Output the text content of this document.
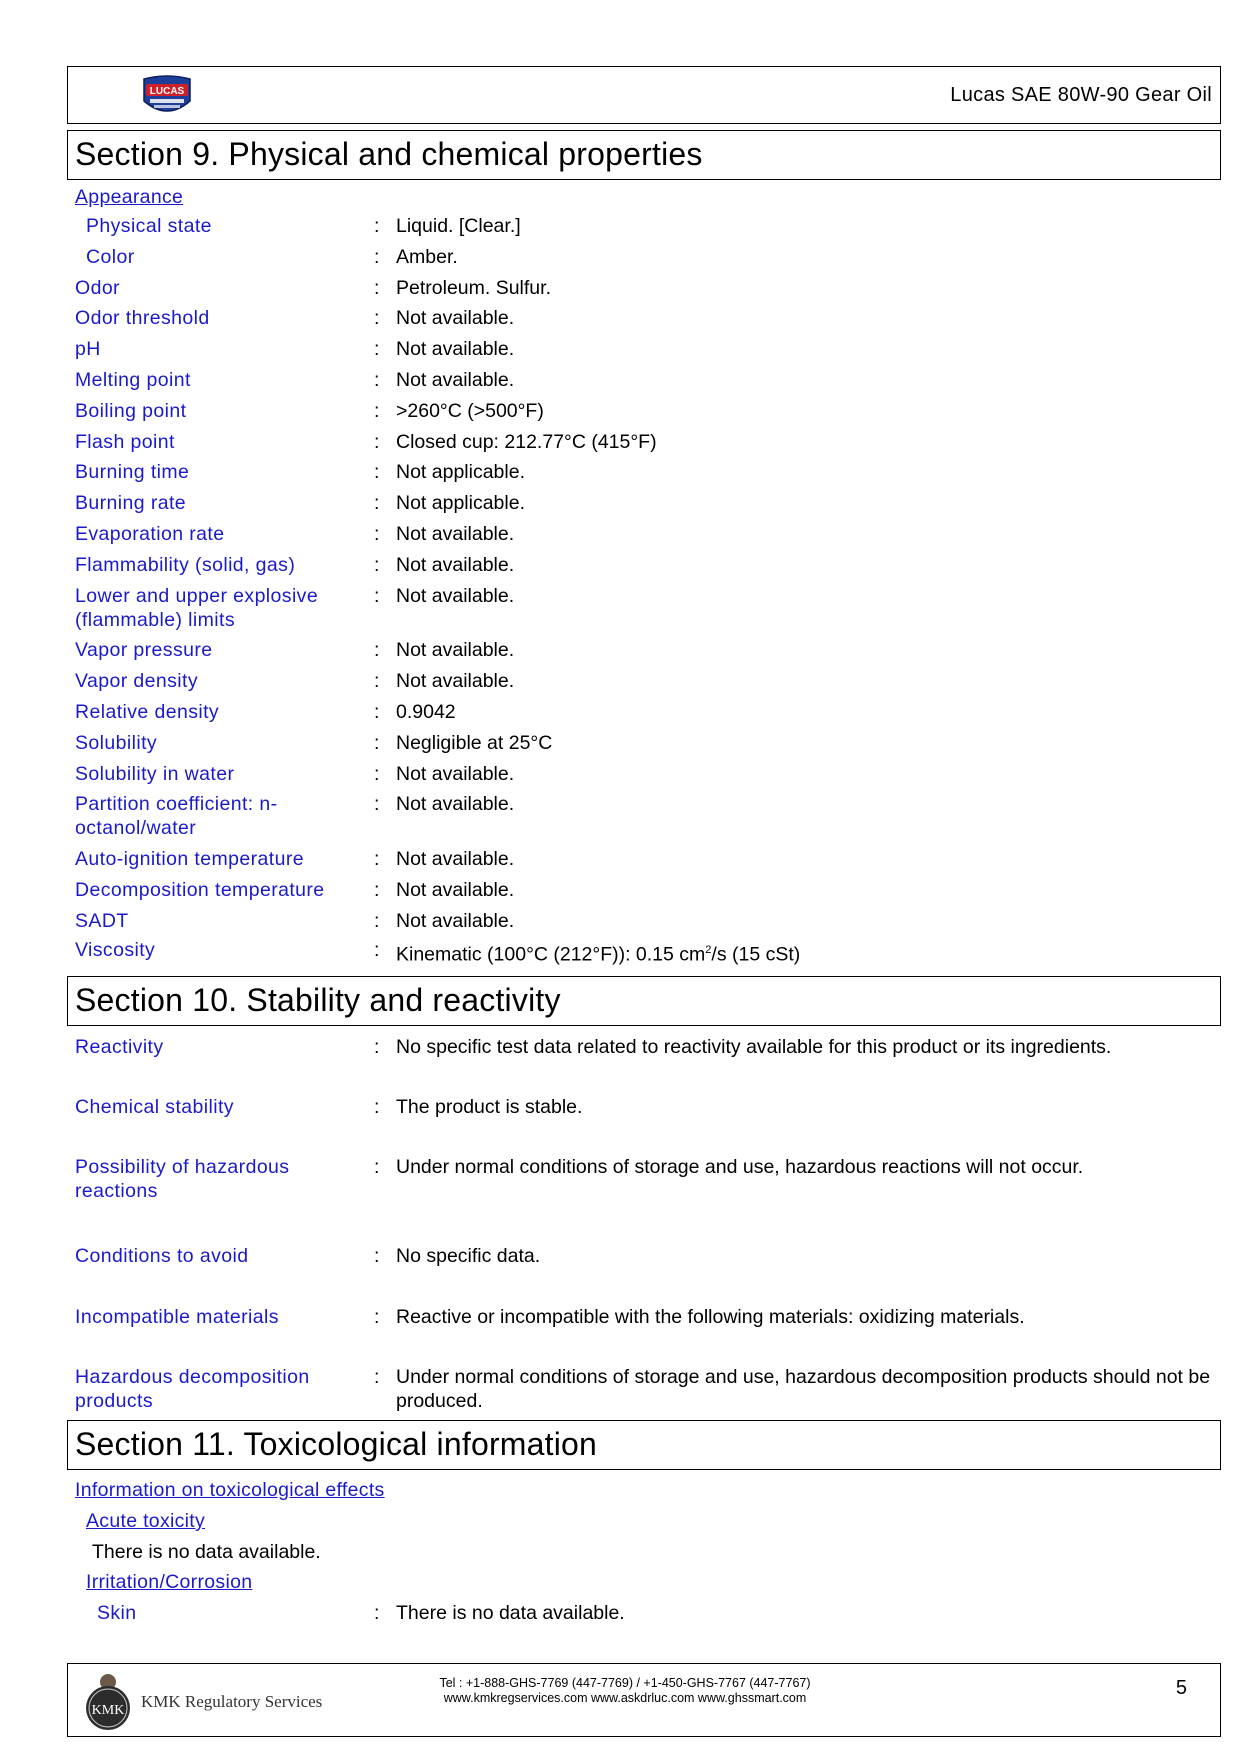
LUCAS	Lucas SAE 80W-90 Gear Oil
Section 9. Physical and chemical properties
Appearance
Physical state	: Liquid. [Clear.]
Color	: Amber.
Odor	: Petroleum. Sulfur.
Odor threshold	: Not available.
pH	: Not available.
Melting point	: Not available.
Boiling point	: >260°C (>500°F)
Flash point	: Closed cup: 212.77°C (415°F)
Burning time	: Not applicable.
Burning rate	: Not applicable.
Evaporation rate	: Not available.
Flammability (solid, gas)	: Not available.
Lower and upper explosive (flammable) limits
: Not available.
Vapor pressure	: Not available.
Vapor density	: Not available.
Relative density	: 0.9042
Solubility	: Negligible at 25°C
Solubility in water	: Not available.
Partition coefficient: n-octanol/water
: Not available.
Auto-ignition temperature	: Not available.
Decomposition temperature	: Not available.
SADT	: Not available.
Viscosity	: Kinematic (100°C (212°F)): 0.15 $cm^2/s$ (15 cSt)
Section 10. Stability and reactivity
Reactivity	: No specific test data related to reactivity available for this product or its ingredients.
Chemical stability	: The product is stable.
Possibility of hazardous reactions
: Under normal conditions of storage and use, hazardous reactions will not occur.
Conditions to avoid	: No specific data.
Incompatible materials	: Reactive or incompatible with the following materials: oxidizing materials.
Hazardous decomposition products
: Under normal conditions of storage and use, hazardous decomposition products should not be produced.
Section 11. Toxicological information
Information on toxicological effects
Acute toxicity
There is no data available.
Irritation/Corrosion
Skin	: There is no data available.
KMK KMK Regulatory Services
Tel : +1-888-GHS-7769 (447-7769) / +1-450-GHS-7767 (447-7767)
www.kmkregservices.com www.askdrluc.com www.ghssmart.com	5
